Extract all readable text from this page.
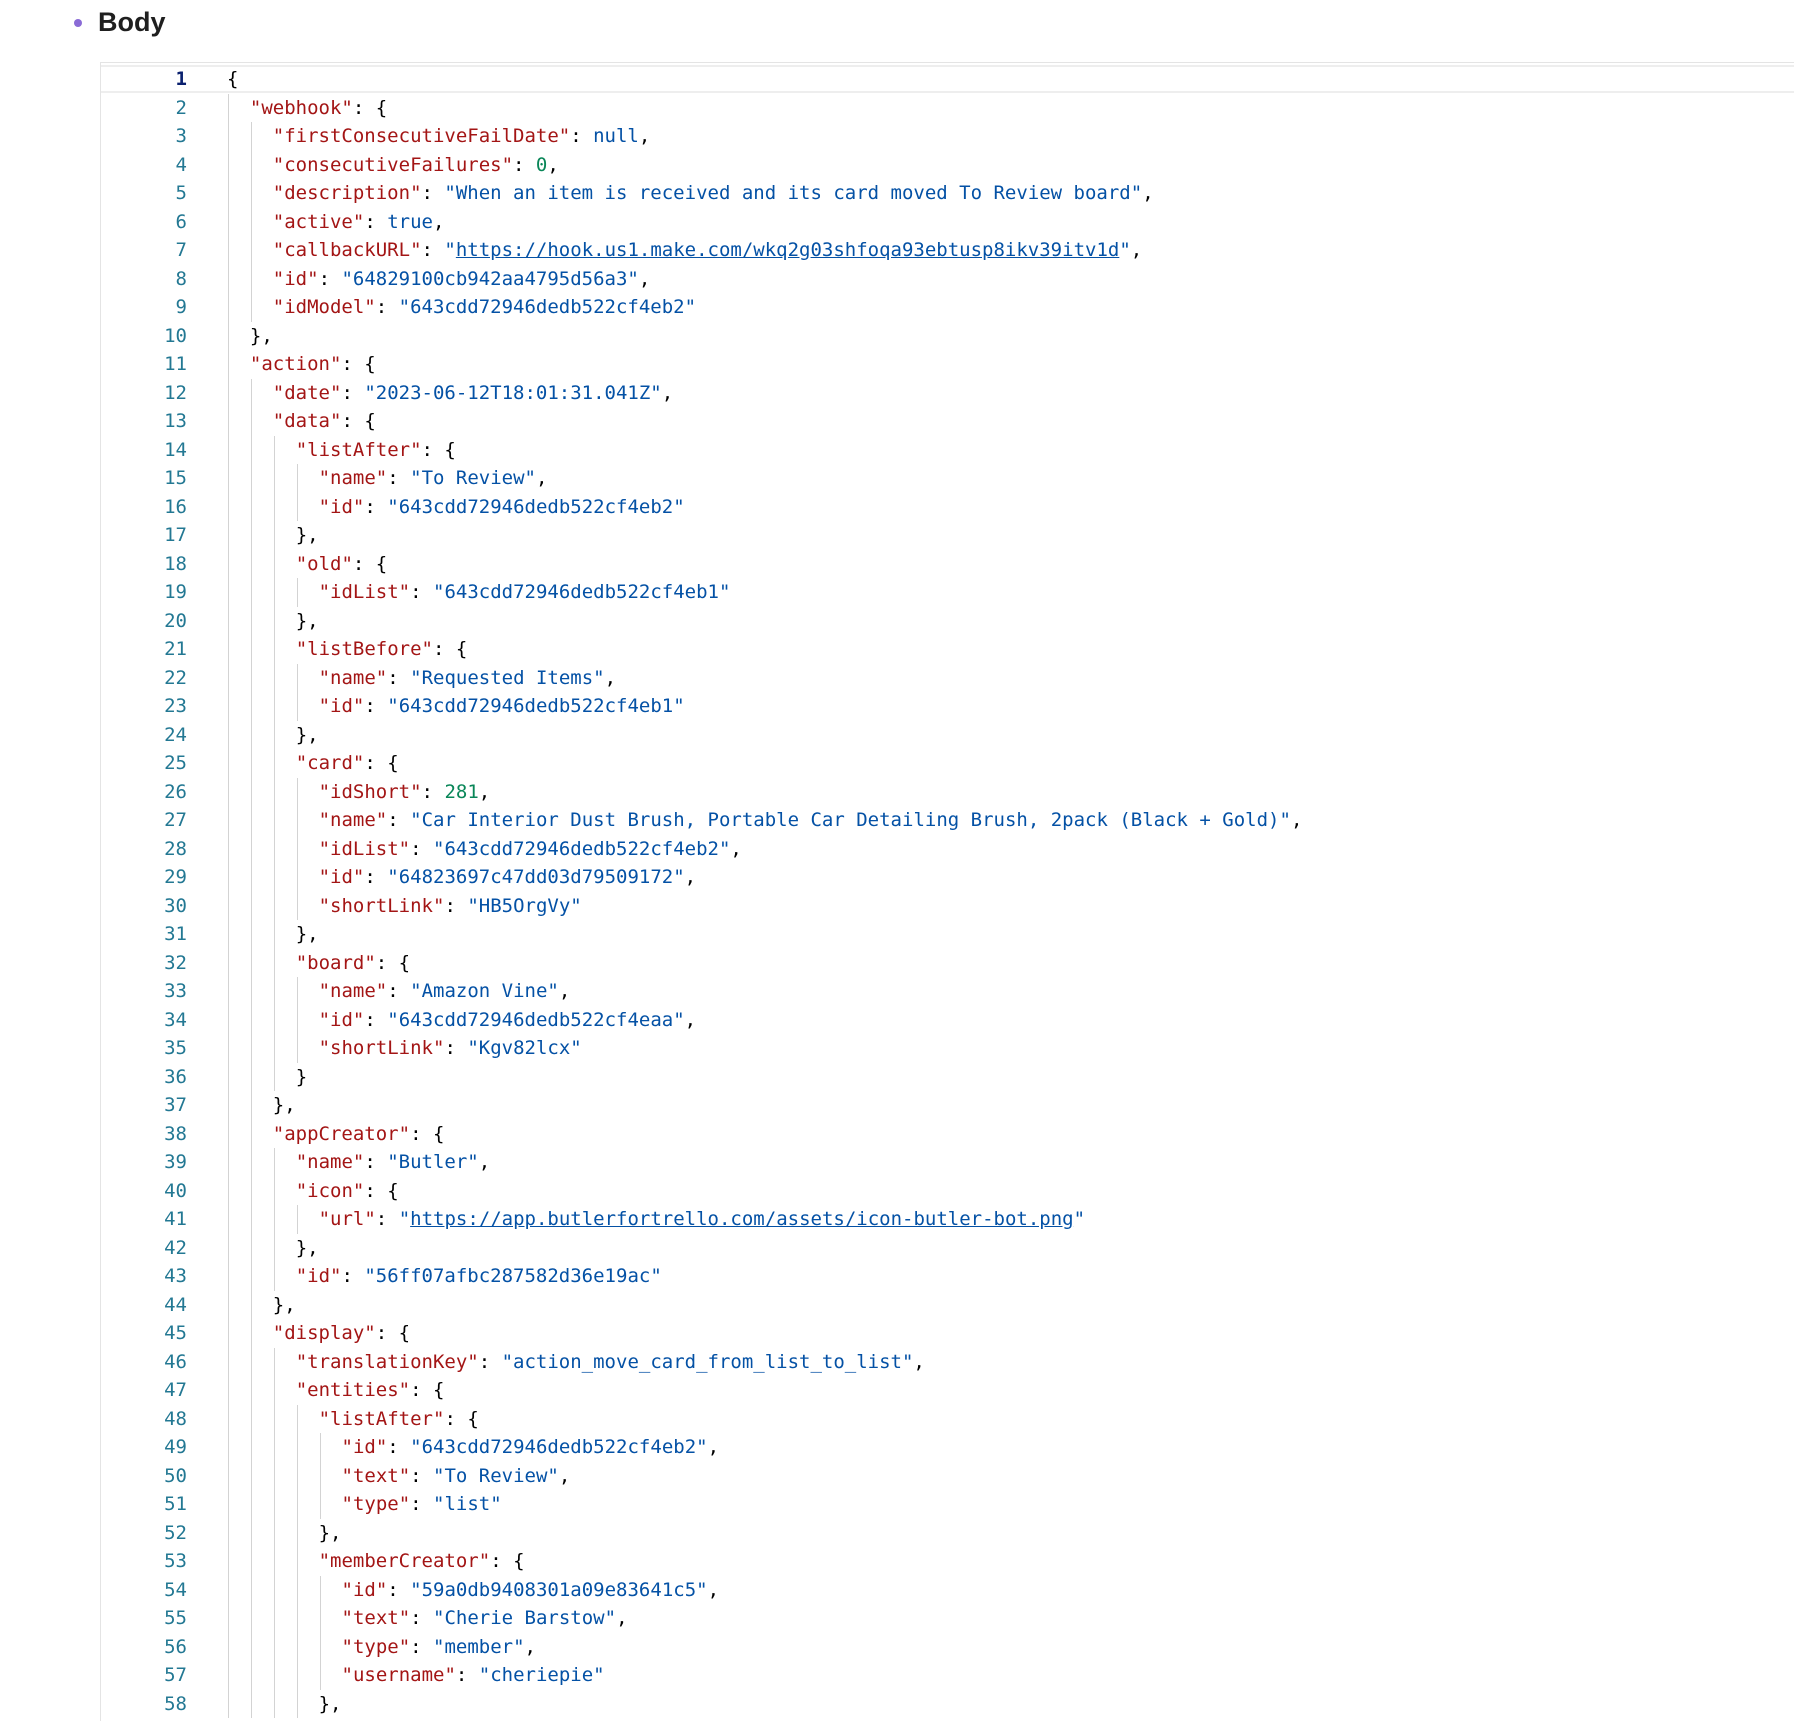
Body
1 {
2	"webhook": {
3	"firstConsecutiveFailDate": null,
4	"consecutiveFailures": 0,
5	"description": "When an item is received and its card moved To Review board",
6	"active": true,
7	"callbackURL": "https://hook.us1.make.com/wkq2g03shfoqa93ebtusp8ikv39itv1d",
8	"id": "64829100cb942aa4795d56a3",
9	"idModel": "643cdd72946dedb522cf4eb2"
10	},
11	"action": {
12	"date": "2023-06-12T18:01:31.041Z",
13	"data": {
14	"listAfter": {
15	"name": "To Review",
16	"id": "643cdd72946dedb522cf4eb2"
17	},
18	"old": {
19	"idList": "643cdd72946dedb522cf4eb1"
20	},
21	"listBefore": {
22	"name": "Requested Items",
23	"id": "643cdd72946dedb522cf4eb1"
24	},
25	"card": {
26	"idShort": 281,
27	"name": "Car Interior Dust Brush, Portable Car Detailing Brush, 2pack (Black + Gold)",
28	"idList": "643cdd72946dedb522cf4eb2",
29	"id": "64823697c47dd03d79509172",
30	"shortLink": "HB5OrgVy"
31	},
32	"board": {
33	"name": "Amazon Vine",
34	"id": "643cdd72946dedb522cf4eaa",
35	"shortLink": "Kgv82lcx"
36	}
37	},
38	"appCreator": {
39	"name": "Butler",
40	"icon": {
41	"url": "https://app.butlerfortrello.com/assets/icon-butler-bot.png"
42	},
43	"id": "56ff07afbc287582d36e19ac"
44	},
45	"display": {
46	"translationKey": "action_move_card_from_list_to_list",
47	"entities": {
48	"listAfter": {
49	"id": "643cdd72946dedb522cf4eb2",
50	"text": "To Review",
51	"type": "list"
52	},
53	"memberCreator": {
54	"id": "59a0db9408301a09e83641c5",
55	"text": "Cherie Barstow",
56	"type": "member",
57	"username": "cheriepie"
58	},
